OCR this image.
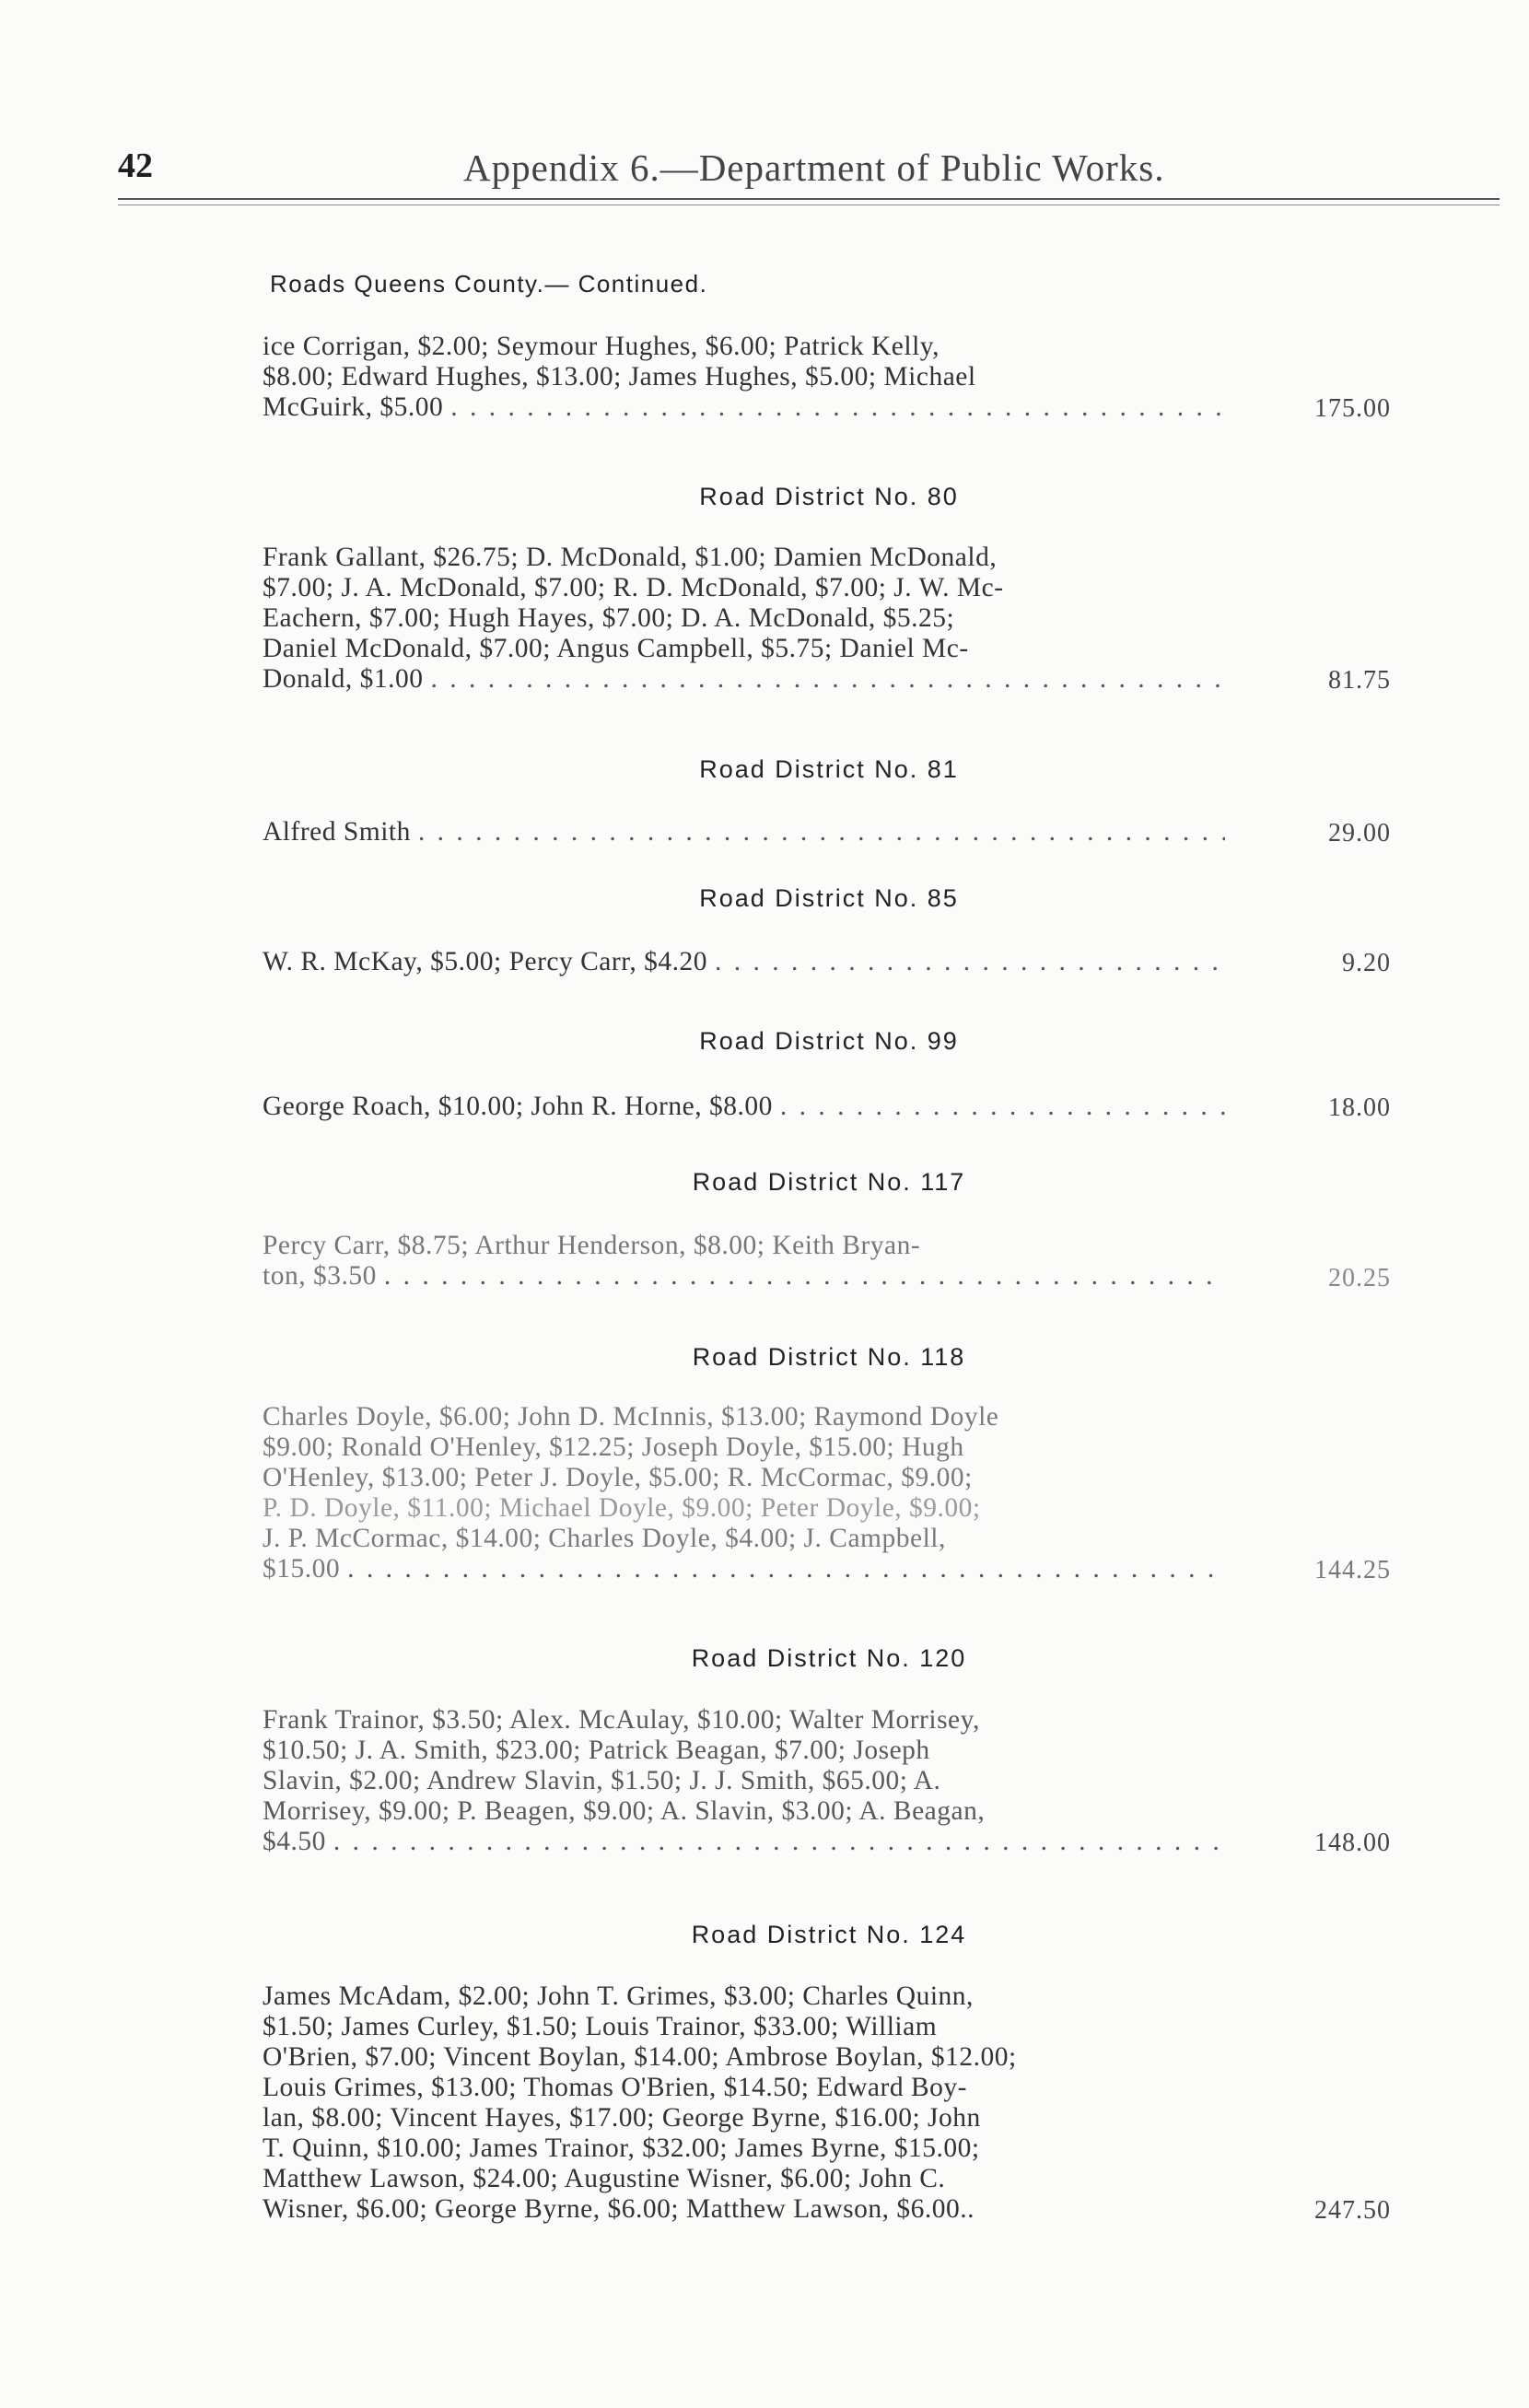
42	Appendix 6.—Department of Public Works.
Roads Queens County.— Continued.
ice Corrigan, $2.00; Seymour Hughes, $6.00; Patrick Kelly,
$8.00; Edward Hughes, $13.00; James Hughes, $5.00; Michael
McGuirk, $5.00 . . .	175.00
Road District No. 80
Frank Gallant, $26.75; D. McDonald, $1.00; Damien McDonald,
$7.00; J. A. McDonald, $7.00; R. D. McDonald, $7.00; J. W. Mc-
Eachern, $7.00; Hugh Hayes, $7.00; D. A. McDonald, $5.25;
Daniel McDonald, $7.00; Angus Campbell, $5.75; Daniel Mc-
Donald, $1.00 . . .	81.75
Road District No. 81
Alfred Smith . . .	29.00
Road District No. 85
W. R. McKay, $5.00; Percy Carr, $4.20 . . .	9.20
Road District No. 99
George Roach, $10.00; John R. Horne, $8.00 . . .	18.00
Road District No. 117
Percy Carr, $8.75; Arthur Henderson, $8.00; Keith Bryan-
ton, $3.50 . . .	20.25
Road District No. 118
Charles Doyle, $6.00; John D. McInnis, $13.00; Raymond Doyle
$9.00; Ronald O'Henley, $12.25; Joseph Doyle, $15.00; Hugh
O'Henley, $13.00; Peter J. Doyle, $5.00; R. McCormac, $9.00;
P. D. Doyle, $11.00; Michael Doyle, $9.00; Peter Doyle, $9.00;
J. P. McCormac, $14.00; Charles Doyle, $4.00; J. Campbell,
$15.00 . . .	144.25
Road District No. 120
Frank Trainor, $3.50; Alex. McAulay, $10.00; Walter Morrisey,
$10.50; J. A. Smith, $23.00; Patrick Beagan, $7.00; Joseph
Slavin, $2.00; Andrew Slavin, $1.50; J. J. Smith, $65.00; A.
Morrisey, $9.00; P. Beagen, $9.00; A. Slavin, $3.00; A. Beagan,
$4.50 . . .	148.00
Road District No. 124
James McAdam, $2.00; John T. Grimes, $3.00; Charles Quinn,
$1.50; James Curley, $1.50; Louis Trainor, $33.00; William
O'Brien, $7.00; Vincent Boylan, $14.00; Ambrose Boylan, $12.00;
Louis Grimes, $13.00; Thomas O'Brien, $14.50; Edward Boy-
lan, $8.00; Vincent Hayes, $17.00; George Byrne, $16.00; John
T. Quinn, $10.00; James Trainor, $32.00; James Byrne, $15.00;
Matthew Lawson, $24.00; Augustine Wisner, $6.00; John C.
Wisner, $6.00; George Byrne, $6.00; Matthew Lawson, $6.00..	247.50
